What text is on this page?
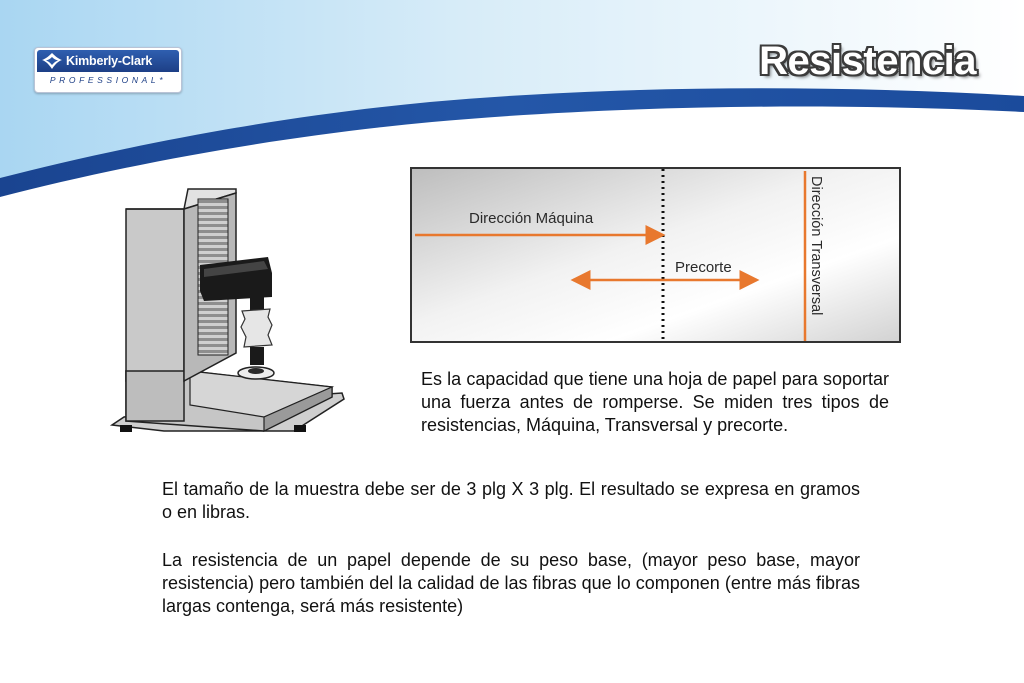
Kimberly-Clark
PROFESSIONAL*	Resistencia
Dirección Máquina
Precorte	Dirección Transversal

Es la capacidad que tiene una hoja de papel para soportar una fuerza antes de romperse. Se miden tres tipos de resistencias, Máquina, Transversal y precorte.

El tamaño de la muestra debe ser de 3 plg X 3 plg. El resultado se expresa en gramos o en libras.

La resistencia de un papel depende de su peso base, (mayor peso base, mayor resistencia) pero también del la calidad de las fibras que lo componen (entre más fibras largas contenga, será más resistente)
